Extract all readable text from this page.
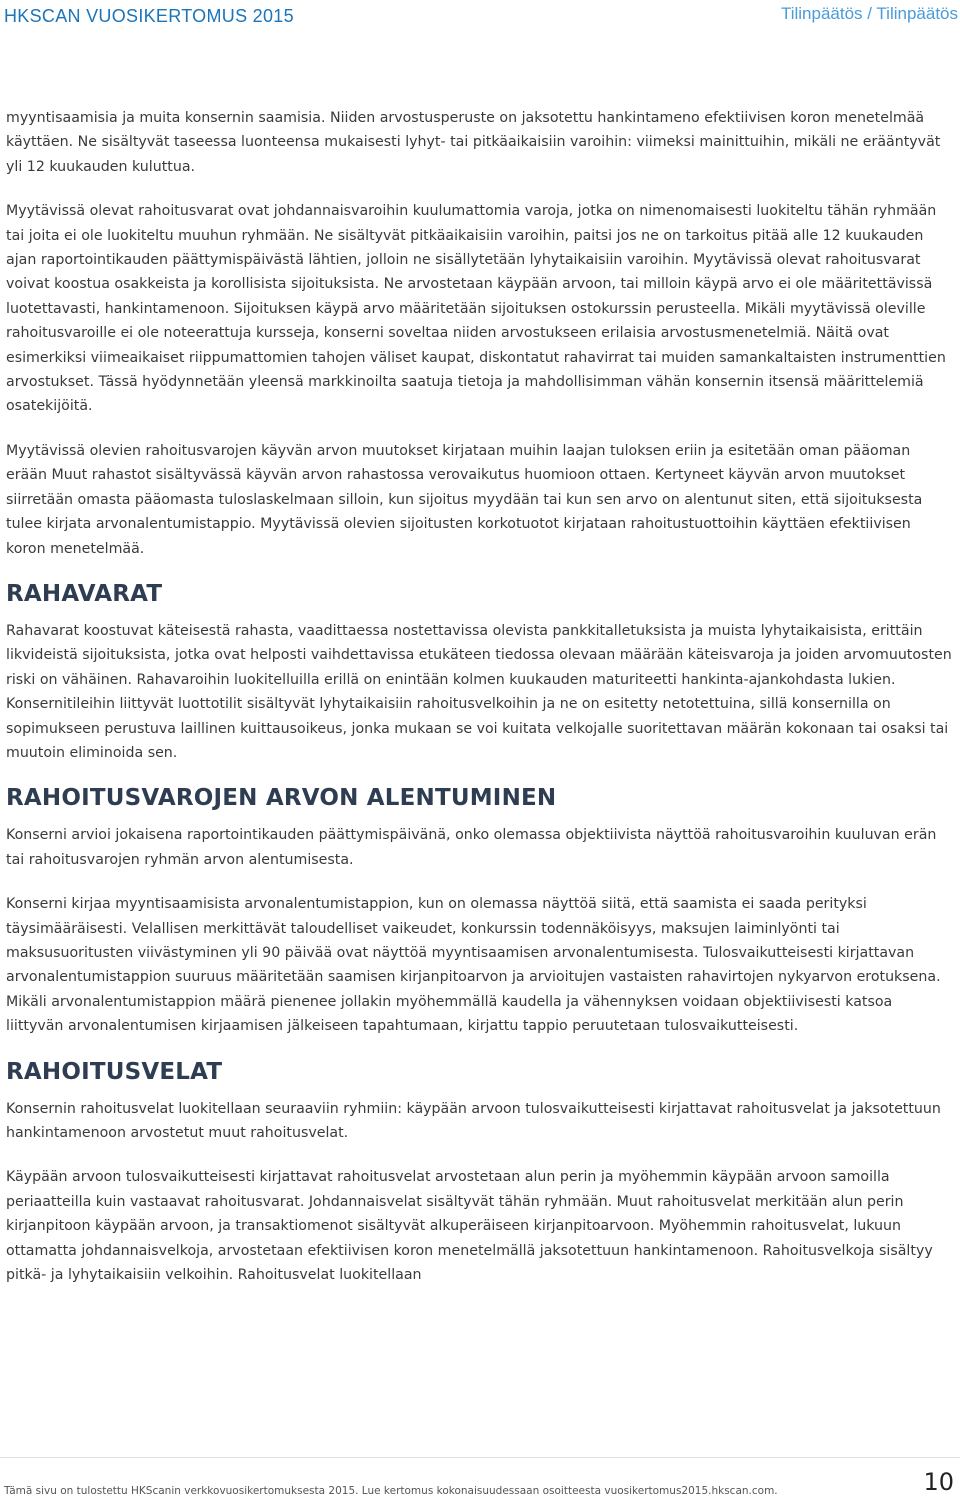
HKSCAN VUOSIKERTOMUS 2015	Tilinpäätös / Tilinpäätös

myyntisaamisia ja muita konsernin saamisia. Niiden arvostusperuste on jaksotettu hankintameno efektiivisen koron menetelmää käyttäen. Ne sisältyvät taseessa luonteensa mukaisesti lyhyt- tai pitkäaikaisiin varoihin: viimeksi mainittuihin, mikäli ne erääntyvät yli 12 kuukauden kuluttua.

Myytävissä olevat rahoitusvarat ovat johdannaisvaroihin kuulumattomia varoja, jotka on nimenomaisesti luokiteltu tähän ryhmään tai joita ei ole luokiteltu muuhun ryhmään. Ne sisältyvät pitkäaikaisiin varoihin, paitsi jos ne on tarkoitus pitää alle 12 kuukauden ajan raportointikauden päättymispäivästä lähtien, jolloin ne sisällytetään lyhytaikaisiin varoihin. Myytävissä olevat rahoitusvarat voivat koostua osakkeista ja korollisista sijoituksista. Ne arvostetaan käypään arvoon, tai milloin käypä arvo ei ole määritettävissä luotettavasti, hankintamenoon. Sijoituksen käypä arvo määritetään sijoituksen ostokurssin perusteella. Mikäli myytävissä oleville rahoitusvaroille ei ole noteerattuja kursseja, konserni soveltaa niiden arvostukseen erilaisia arvostusmenetelmiä. Näitä ovat esimerkiksi viimeaikaiset riippumattomien tahojen väliset kaupat, diskontatut rahavirrat tai muiden samankaltaisten instrumenttien arvostukset. Tässä hyödynnetään yleensä markkinoilta saatuja tietoja ja mahdollisimman vähän konsernin itsensä määrittelemiä osatekijöitä.

Myytävissä olevien rahoitusvarojen käyvän arvon muutokset kirjataan muihin laajan tuloksen eriin ja esitetään oman pääoman erään Muut rahastot sisältyvässä käyvän arvon rahastossa verovaikutus huomioon ottaen. Kertyneet käyvän arvon muutokset siirretään omasta pääomasta tuloslaskelmaan silloin, kun sijoitus myydään tai kun sen arvo on alentunut siten, että sijoituksesta tulee kirjata arvonalentumistappio. Myytävissä olevien sijoitusten korkotuotot kirjataan rahoitustuottoihin käyttäen efektiivisen koron menetelmää.

RAHAVARAT

Rahavarat koostuvat käteisestä rahasta, vaadittaessa nostettavissa olevista pankkitalletuksista ja muista lyhytaikaisista, erittäin likvideistä sijoituksista, jotka ovat helposti vaihdettavissa etukäteen tiedossa olevaan määrään käteisvaroja ja joiden arvomuutosten riski on vähäinen. Rahavaroihin luokitelluilla erillä on enintään kolmen kuukauden maturiteetti hankinta-ajankohdasta lukien. Konsernitileihin liittyvät luottotilit sisältyvät lyhytaikaisiin rahoitusvelkoihin ja ne on esitetty netotettuina, sillä konsernilla on sopimukseen perustuva laillinen kuittausoikeus, jonka mukaan se voi kuitata velkojalle suoritettavan määrän kokonaan tai osaksi tai muutoin eliminoida sen.

RAHOITUSVAROJEN ARVON ALENTUMINEN

Konserni arvioi jokaisena raportointikauden päättymispäivänä, onko olemassa objektiivista näyttöä rahoitusvaroihin kuuluvan erän tai rahoitusvarojen ryhmän arvon alentumisesta.

Konserni kirjaa myyntisaamisista arvonalentumistappion, kun on olemassa näyttöä siitä, että saamista ei saada perityksi täysimääräisesti. Velallisen merkittävät taloudelliset vaikeudet, konkurssin todennäköisyys, maksujen laiminlyönti tai maksusuoritusten viivästyminen yli 90 päivää ovat näyttöä myyntisaamisen arvonalentumisesta. Tulosvaikutteisesti kirjattavan arvonalentumistappion suuruus määritetään saamisen kirjanpitoarvon ja arvioitujen vastaisten rahavirtojen nykyarvon erotuksena. Mikäli arvonalentumistappion määrä pienenee jollakin myöhemmällä kaudella ja vähennyksen voidaan objektiivisesti katsoa liittyvän arvonalentumisen kirjaamisen jälkeiseen tapahtumaan, kirjattu tappio peruutetaan tulosvaikutteisesti.

RAHOITUSVELAT

Konsernin rahoitusvelat luokitellaan seuraaviin ryhmiin: käypään arvoon tulosvaikutteisesti kirjattavat rahoitusvelat ja jaksotettuun hankintamenoon arvostetut muut rahoitusvelat.

Käypään arvoon tulosvaikutteisesti kirjattavat rahoitusvelat arvostetaan alun perin ja myöhemmin käypään arvoon samoilla periaatteilla kuin vastaavat rahoitusvarat. Johdannaisvelat sisältyvät tähän ryhmään. Muut rahoitusvelat merkitään alun perin kirjanpitoon käypään arvoon, ja transaktiomenot sisältyvät alkuperäiseen kirjanpitoarvoon. Myöhemmin rahoitusvelat, lukuun ottamatta johdannaisvelkoja, arvostetaan efektiivisen koron menetelmällä jaksotettuun hankintamenoon. Rahoitusvelkoja sisältyy pitkä- ja lyhytaikaisiin velkoihin. Rahoitusvelat luokitellaan

Tämä sivu on tulostettu HKScanin verkkovuosikertomuksesta 2015. Lue kertomus kokonaisuudessaan osoitteesta vuosikertomus2015.hkscan.com.	10
